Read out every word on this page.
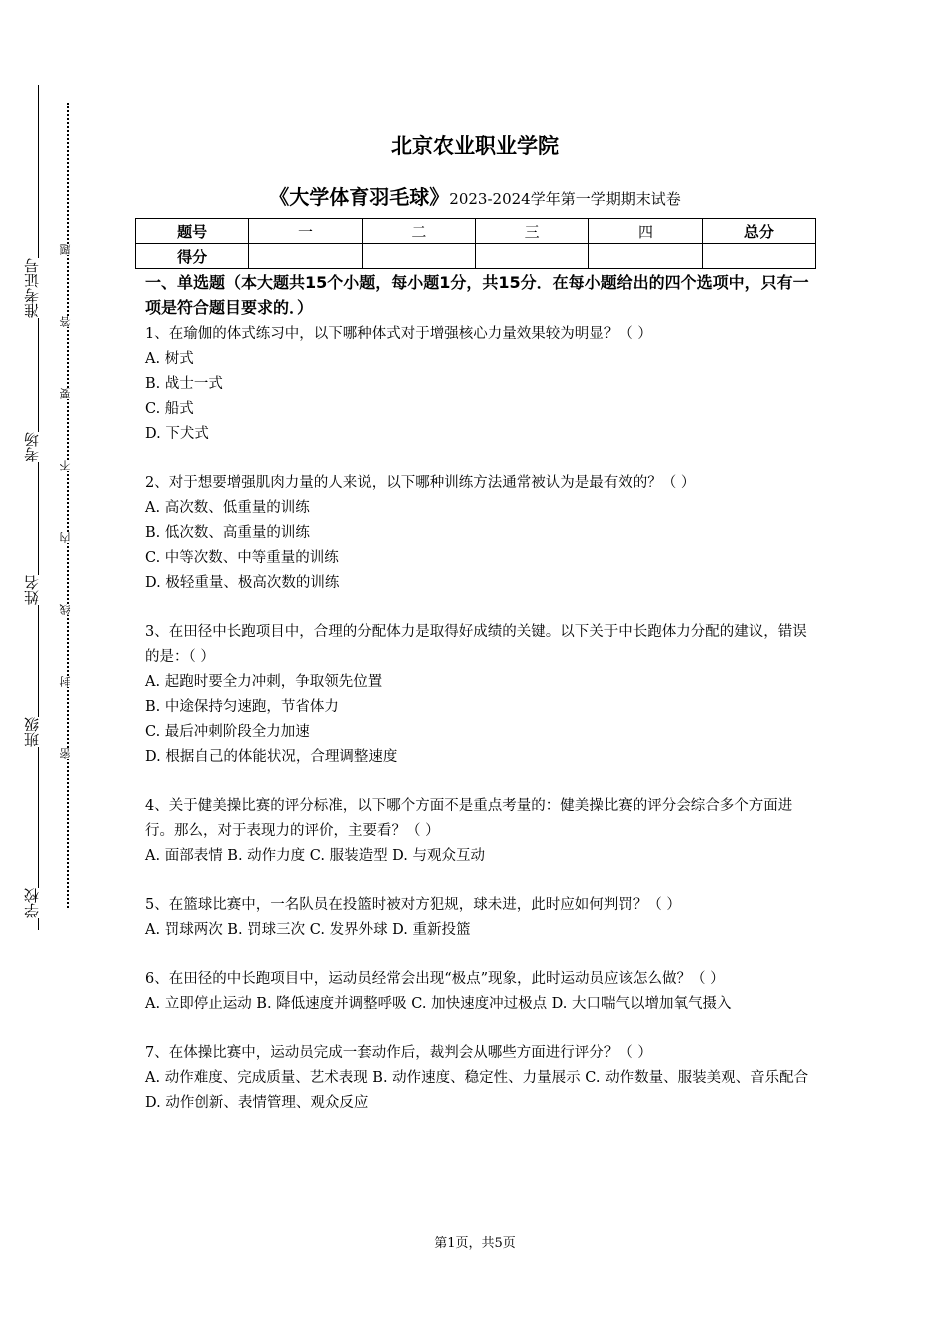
准考证号
考场
姓名
班级
学校
题
答
要
不
内
线
封
密
北京农业职业学院
《大学体育羽毛球》2023-2024学年第一学期期末试卷
题号	一	二	三	四	总分
得分					
一、单选题（本大题共15个小题，每小题1分，共15分．在每小题给出的四个选项中，只有一项是符合题目要求的．）
1、在瑜伽的体式练习中，以下哪种体式对于增强核心力量效果较为明显？（ ）
A. 树式
B. 战士一式
C. 船式
D. 下犬式
2、对于想要增强肌肉力量的人来说，以下哪种训练方法通常被认为是最有效的？（ ）
A. 高次数、低重量的训练
B. 低次数、高重量的训练
C. 中等次数、中等重量的训练
D. 极轻重量、极高次数的训练
3、在田径中长跑项目中，合理的分配体力是取得好成绩的关键。以下关于中长跑体力分配的建议，错误的是：（ ）
A. 起跑时要全力冲刺，争取领先位置
B. 中途保持匀速跑，节省体力
C. 最后冲刺阶段全力加速
D. 根据自己的体能状况，合理调整速度
4、关于健美操比赛的评分标准，以下哪个方面不是重点考量的：健美操比赛的评分会综合多个方面进行。那么，对于表现力的评价，主要看？（ ）
A. 面部表情 B. 动作力度 C. 服装造型 D. 与观众互动
5、在篮球比赛中，一名队员在投篮时被对方犯规，球未进，此时应如何判罚？（ ）
A. 罚球两次 B. 罚球三次 C. 发界外球 D. 重新投篮
6、在田径的中长跑项目中，运动员经常会出现“极点”现象，此时运动员应该怎么做？（ ）
A. 立即停止运动 B. 降低速度并调整呼吸 C. 加快速度冲过极点 D. 大口喘气以增加氧气摄入
7、在体操比赛中，运动员完成一套动作后，裁判会从哪些方面进行评分？（ ）
A. 动作难度、完成质量、艺术表现 B. 动作速度、稳定性、力量展示 C. 动作数量、服装美观、音乐配合 D. 动作创新、表情管理、观众反应
第1页，共5页
